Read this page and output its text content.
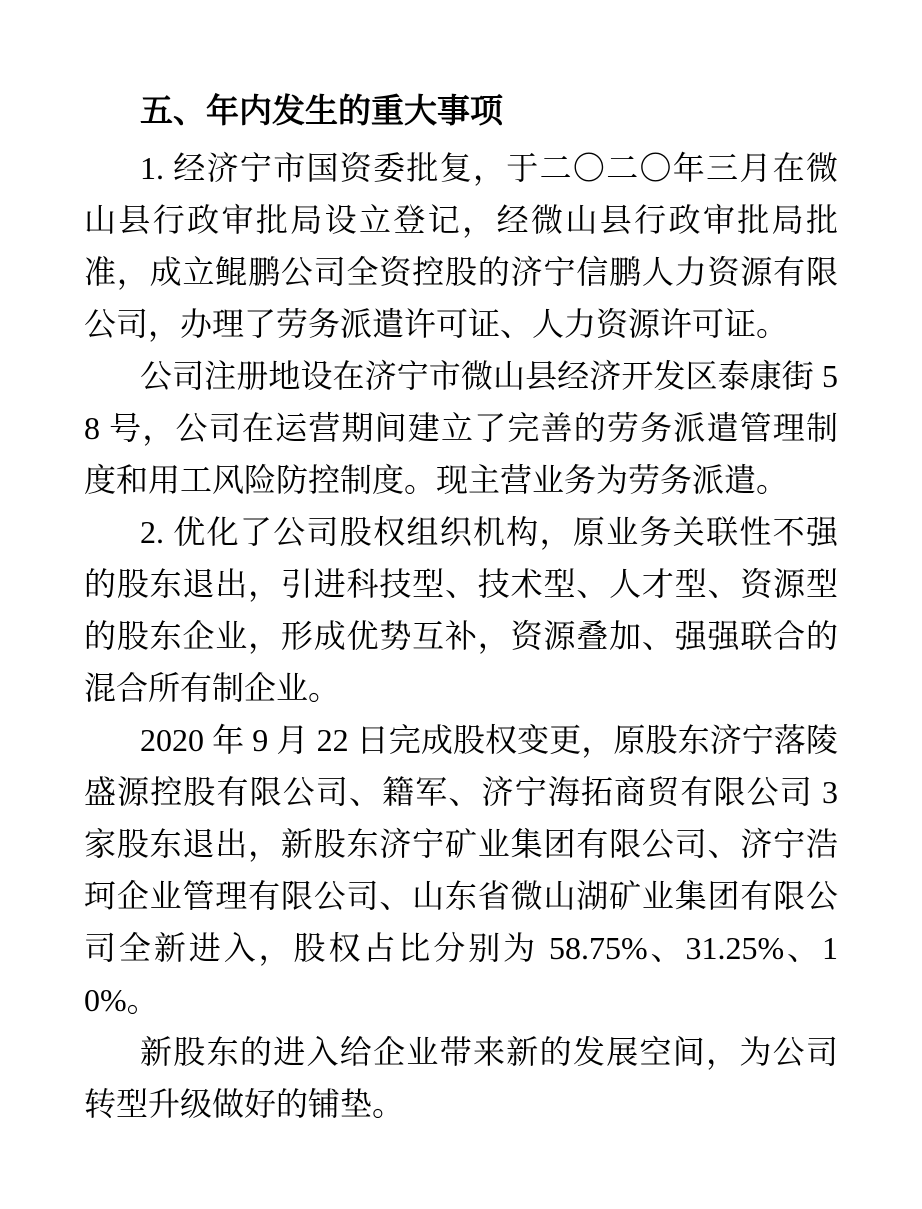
五、年内发生的重大事项

1. 经济宁市国资委批复，于二〇二〇年三月在微山县行政审批局设立登记，经微山县行政审批局批准，成立鲲鹏公司全资控股的济宁信鹏人力资源有限公司，办理了劳务派遣许可证、人力资源许可证。

公司注册地设在济宁市微山县经济开发区泰康街 58 号，公司在运营期间建立了完善的劳务派遣管理制度和用工风险防控制度。现主营业务为劳务派遣。

2. 优化了公司股权组织机构，原业务关联性不强的股东退出，引进科技型、技术型、人才型、资源型的股东企业，形成优势互补，资源叠加、强强联合的混合所有制企业。

2020 年 9 月 22 日完成股权变更，原股东济宁落陵盛源控股有限公司、籍军、济宁海拓商贸有限公司 3 家股东退出，新股东济宁矿业集团有限公司、济宁浩珂企业管理有限公司、山东省微山湖矿业集团有限公司全新进入，股权占比分别为 58.75%、31.25%、10%。

新股东的进入给企业带来新的发展空间，为公司转型升级做好的铺垫。
